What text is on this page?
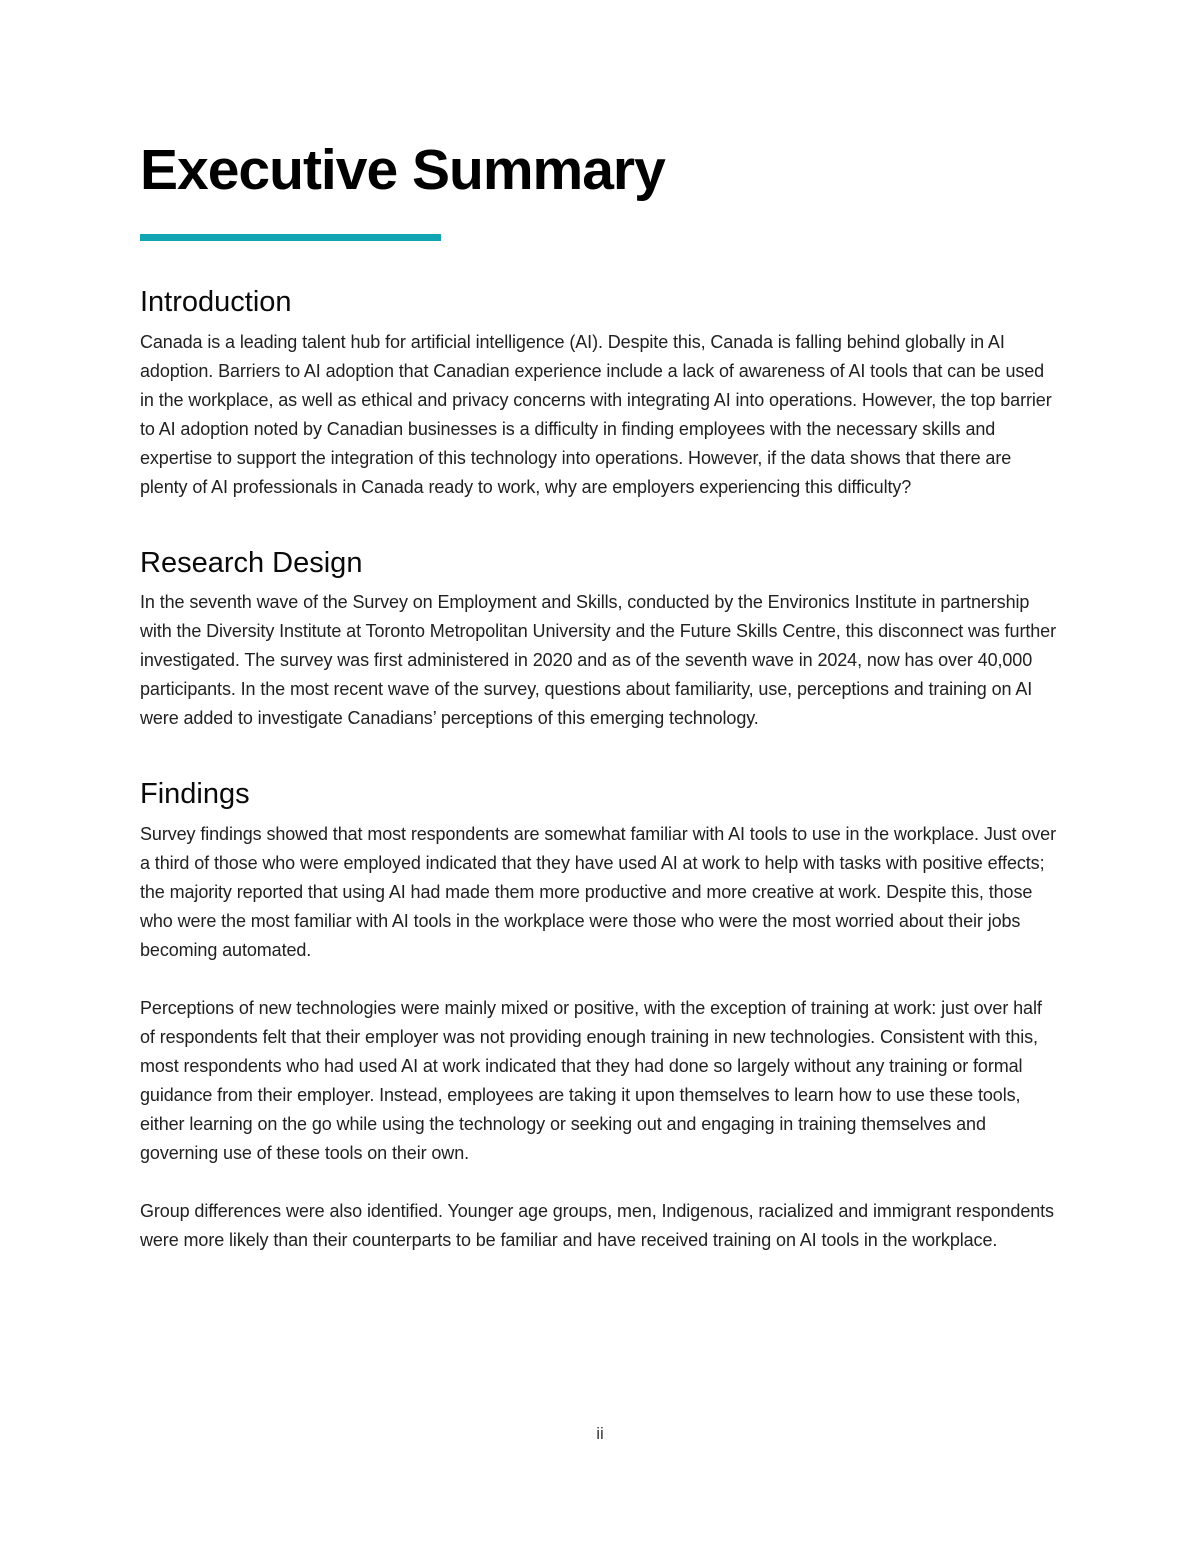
Executive Summary
Introduction

Canada is a leading talent hub for artificial intelligence (AI). Despite this, Canada is falling behind globally in AI adoption. Barriers to AI adoption that Canadian experience include a lack of awareness of AI tools that can be used in the workplace, as well as ethical and privacy concerns with integrating AI into operations. However, the top barrier to AI adoption noted by Canadian businesses is a difficulty in finding employees with the necessary skills and expertise to support the integration of this technology into operations. However, if the data shows that there are plenty of AI professionals in Canada ready to work, why are employers experiencing this difficulty?

Research Design

In the seventh wave of the Survey on Employment and Skills, conducted by the Environics Institute in partnership with the Diversity Institute at Toronto Metropolitan University and the Future Skills Centre, this disconnect was further investigated. The survey was first administered in 2020 and as of the seventh wave in 2024, now has over 40,000 participants. In the most recent wave of the survey, questions about familiarity, use, perceptions and training on AI were added to investigate Canadians’ perceptions of this emerging technology.

Findings

Survey findings showed that most respondents are somewhat familiar with AI tools to use in the workplace. Just over a third of those who were employed indicated that they have used AI at work to help with tasks with positive effects; the majority reported that using AI had made them more productive and more creative at work. Despite this, those who were the most familiar with AI tools in the workplace were those who were the most worried about their jobs becoming automated.

Perceptions of new technologies were mainly mixed or positive, with the exception of training at work: just over half of respondents felt that their employer was not providing enough training in new technologies. Consistent with this, most respondents who had used AI at work indicated that they had done so largely without any training or formal guidance from their employer. Instead, employees are taking it upon themselves to learn how to use these tools, either learning on the go while using the technology or seeking out and engaging in training themselves and governing use of these tools on their own.

Group differences were also identified. Younger age groups, men, Indigenous, racialized and immigrant respondents were more likely than their counterparts to be familiar and have received training on AI tools in the workplace.

ii
